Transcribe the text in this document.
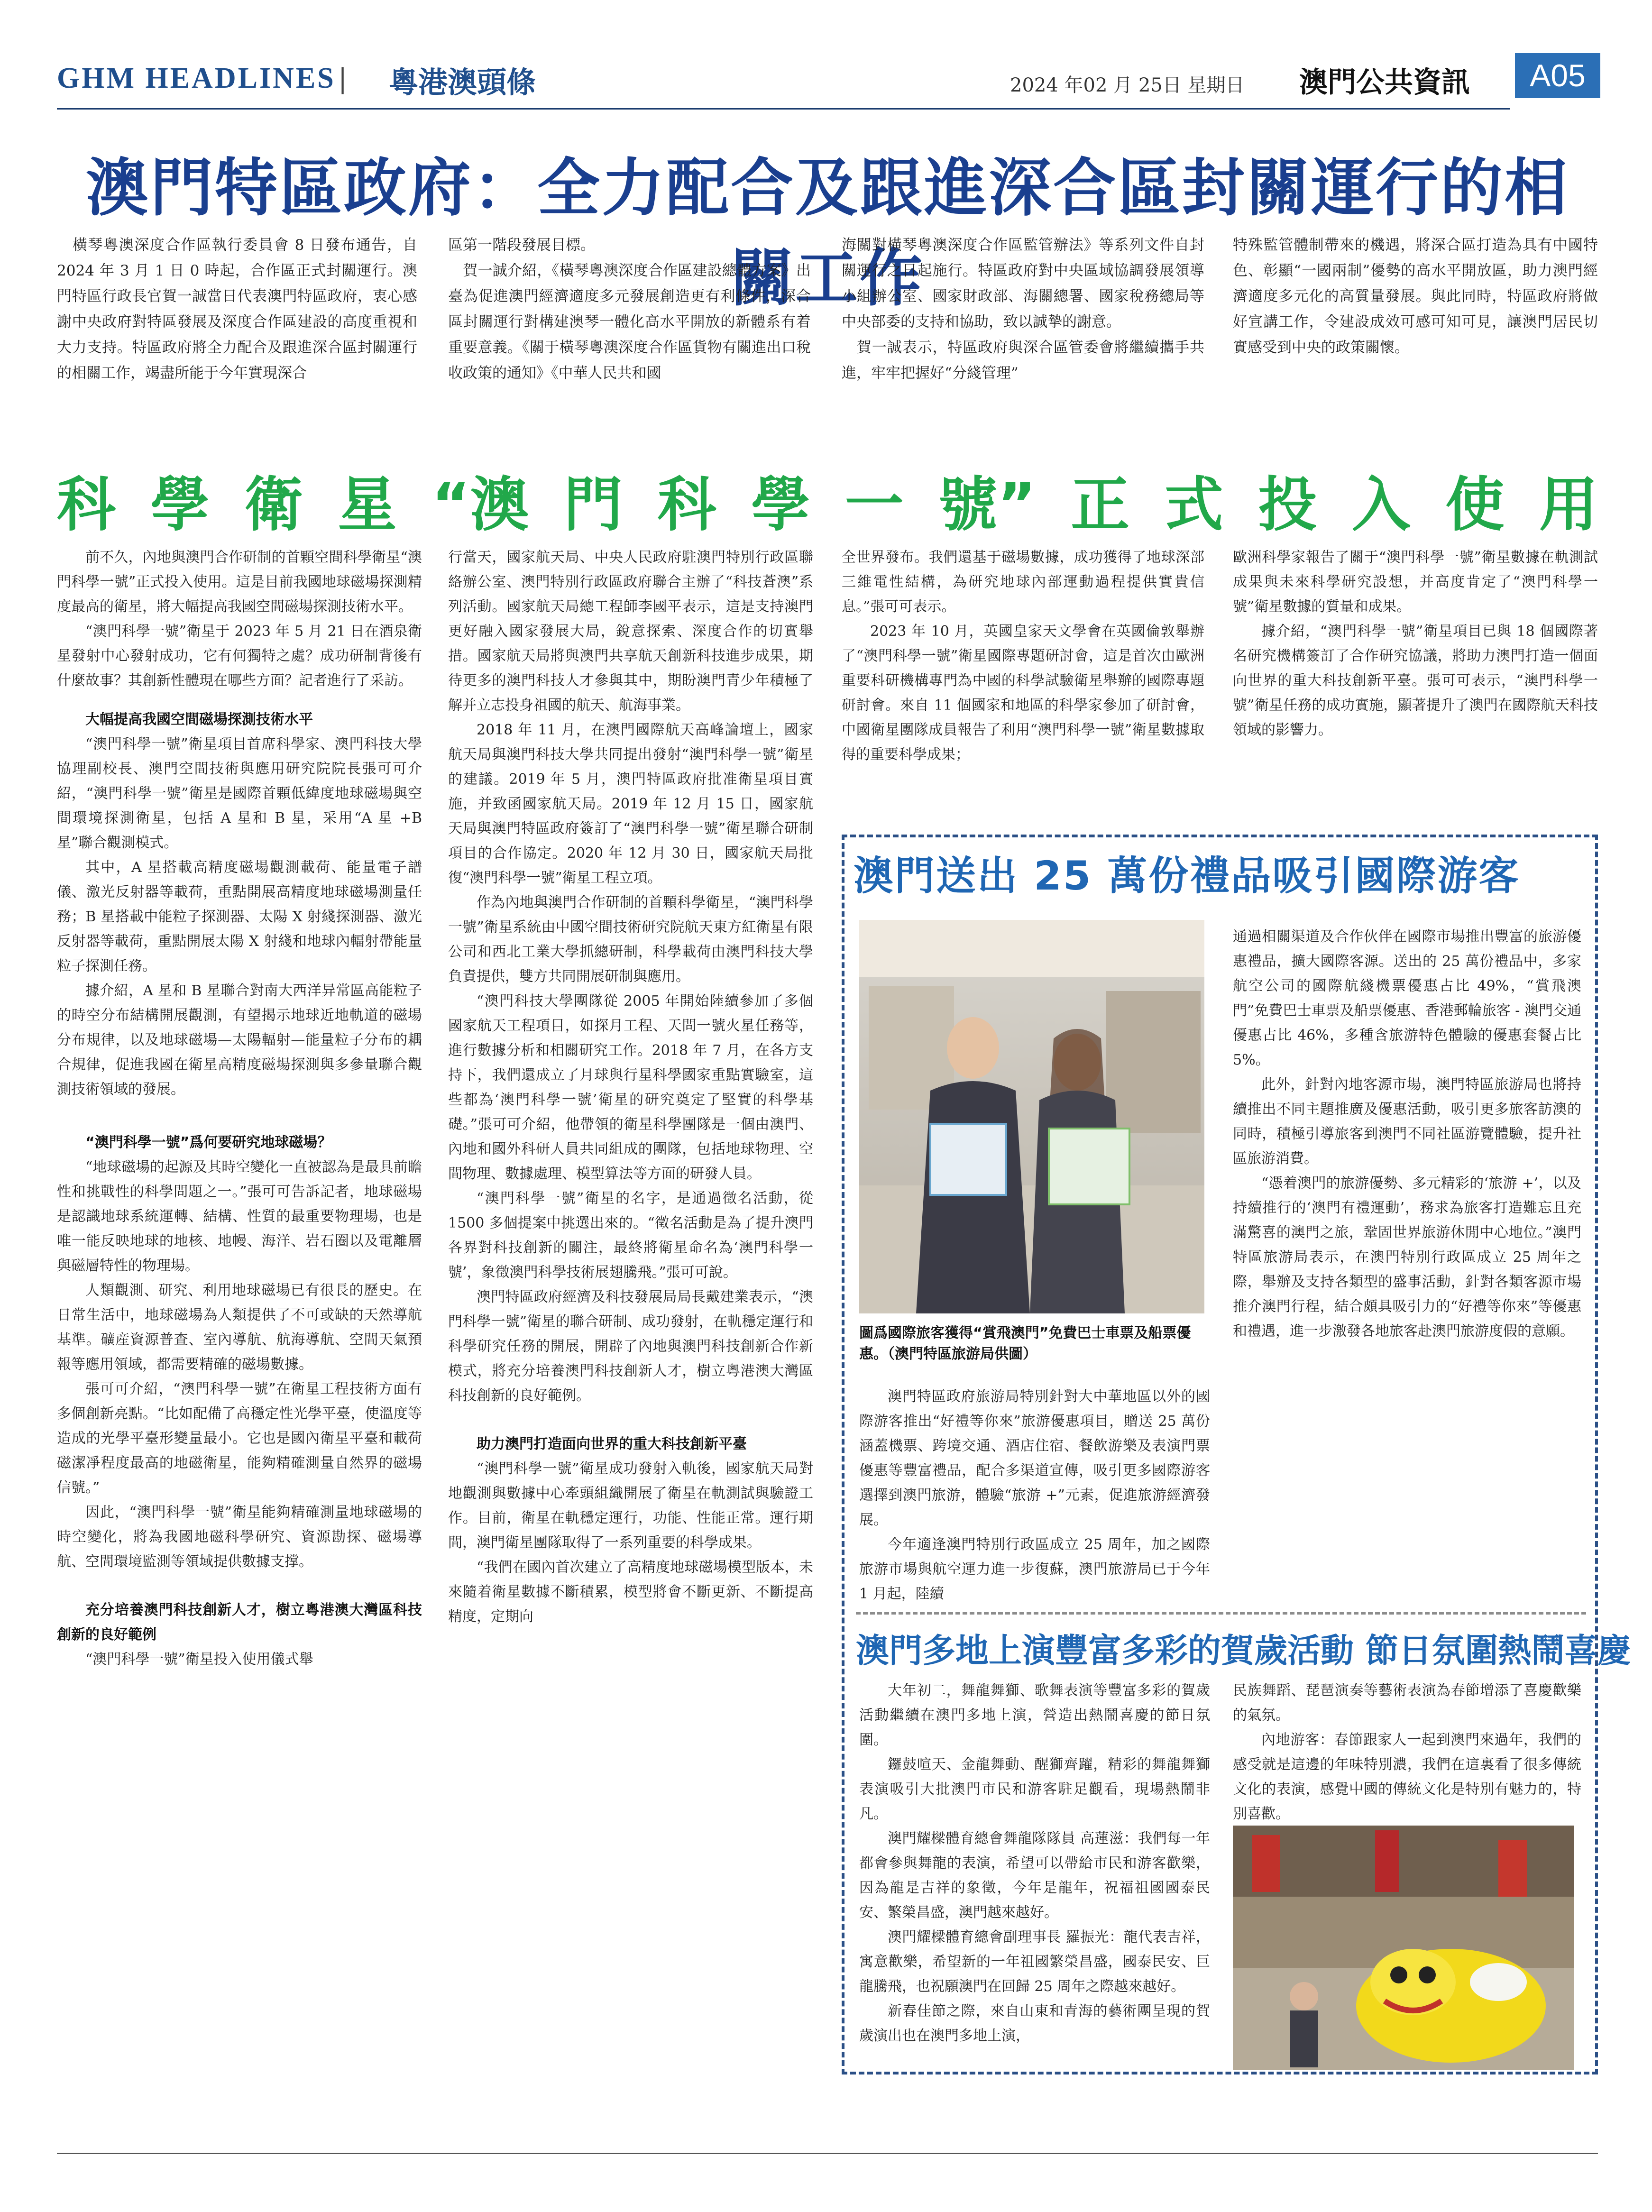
GHM HEADLINES | 粵港澳頭條	2024 年02 月 25日 星期日 澳門公共資訊	A05
澳門特區政府：全力配合及跟進深合區封關運行的相關工作

　橫琴粵澳深度合作區執行委員會 8 日發布通告，自 2024 年 3 月 1 日 0 時起，合作區正式封關運行。澳門特區行政長官賀一誠當日代表澳門特區政府，衷心感謝中央政府對特區發展及深度合作區建設的高度重視和大力支持。特區政府將全力配合及跟進深合區封關運行的相關工作，竭盡所能于今年實現深合

區第一階段發展目標。

　賀一誠介紹，《橫琴粵澳深度合作區建設總體方案》出臺為促進澳門經濟適度多元發展創造更有利條件，深合區封關運行對構建澳琴一體化高水平開放的新體系有着重要意義。《關于橫琴粵澳深度合作區貨物有關進出口稅收政策的通知》《中華人民共和國

海關對橫琴粵澳深度合作區監管辦法》等系列文件自封關運行之日起施行。特區政府對中央區域協調發展領導小組辦公室、國家財政部、海關總署、國家稅務總局等中央部委的支持和協助，致以誠摯的謝意。

　賀一誠表示，特區政府與深合區管委會將繼續攜手共進，牢牢把握好“分綫管理”

特殊監管體制帶來的機遇，將深合區打造為具有中國特色、彰顯“一國兩制”優勢的高水平開放區，助力澳門經濟適度多元化的高質量發展。與此同時，特區政府將做好宣講工作，令建設成效可感可知可見，讓澳門居民切實感受到中央的政策關懷。

科 學 衛 星 “澳 門 科 學 一 號” 正 式 投 入 使 用

前不久，內地與澳門合作研制的首顆空間科學衛星“澳門科學一號”正式投入使用。這是目前我國地球磁場探測精度最高的衛星，將大幅提高我國空間磁場探測技術水平。

“澳門科學一號”衛星于 2023 年 5 月 21 日在酒泉衛星發射中心發射成功，它有何獨特之處？成功研制背後有什麼故事？其創新性體現在哪些方面？記者進行了采訪。

大幅提高我國空間磁場探測技術水平

“澳門科學一號”衛星項目首席科學家、澳門科技大學協理副校長、澳門空間技術與應用研究院院長張可可介紹，“澳門科學一號”衛星是國際首顆低緯度地球磁場與空間環境探測衛星，包括 A 星和 B 星，采用“A 星 +B 星”聯合觀測模式。

其中，A 星搭載高精度磁場觀測載荷、能量電子譜儀、激光反射器等載荷，重點開展高精度地球磁場測量任務；B 星搭載中能粒子探測器、太陽 X 射綫探測器、激光反射器等載荷，重點開展太陽 X 射綫和地球內輻射帶能量粒子探測任務。

據介紹，A 星和 B 星聯合對南大西洋异常區高能粒子的時空分布結構開展觀測，有望揭示地球近地軌道的磁場分布規律，以及地球磁場—太陽輻射—能量粒子分布的耦合規律，促進我國在衛星高精度磁場探測與多參量聯合觀測技術領域的發展。

“澳門科學一號”爲何要研究地球磁場？

“地球磁場的起源及其時空變化一直被認為是最具前瞻性和挑戰性的科學問題之一。”張可可告訴記者，地球磁場是認識地球系統運轉、結構、性質的最重要物理場，也是唯一能反映地球的地核、地幔、海洋、岩石圈以及電離層與磁層特性的物理場。

人類觀測、研究、利用地球磁場已有很長的歷史。在日常生活中，地球磁場為人類提供了不可或缺的天然導航基準。礦産資源普查、室內導航、航海導航、空間天氣預報等應用領域，都需要精確的磁場數據。

張可可介紹，“澳門科學一號”在衛星工程技術方面有多個創新亮點。“比如配備了高穩定性光學平臺，使溫度等造成的光學平臺形變量最小。它也是國內衛星平臺和載荷磁潔凈程度最高的地磁衛星，能夠精確測量自然界的磁場信號。”

因此，“澳門科學一號”衛星能夠精確測量地球磁場的時空變化，將為我國地磁科學研究、資源勘探、磁場導航、空間環境監測等領域提供數據支撑。

充分培養澳門科技創新人才，樹立粵港澳大灣區科技創新的良好範例

“澳門科學一號”衛星投入使用儀式舉

行當天，國家航天局、中央人民政府駐澳門特別行政區聯絡辦公室、澳門特別行政區政府聯合主辦了“科技蒼澳”系列活動。國家航天局總工程師李國平表示，這是支持澳門更好融入國家發展大局，銳意探索、深度合作的切實舉措。國家航天局將與澳門共享航天創新科技進步成果，期待更多的澳門科技人才參與其中，期盼澳門青少年積極了解并立志投身祖國的航天、航海事業。

2018 年 11 月，在澳門國際航天高峰論壇上，國家航天局與澳門科技大學共同提出發射“澳門科學一號”衛星的建議。2019 年 5 月，澳門特區政府批准衛星項目實施，并致函國家航天局。2019 年 12 月 15 日，國家航天局與澳門特區政府簽訂了“澳門科學一號”衛星聯合研制項目的合作協定。2020 年 12 月 30 日，國家航天局批復“澳門科學一號”衛星工程立項。

作為內地與澳門合作研制的首顆科學衛星，“澳門科學一號”衛星系統由中國空間技術研究院航天東方紅衛星有限公司和西北工業大學抓總研制，科學載荷由澳門科技大學負責提供，雙方共同開展研制與應用。

“澳門科技大學團隊從 2005 年開始陸續參加了多個國家航天工程項目，如探月工程、天問一號火星任務等，進行數據分析和相關研究工作。2018 年 7 月，在各方支持下，我們還成立了月球與行星科學國家重點實驗室，這些都為‘澳門科學一號’衛星的研究奠定了堅實的科學基礎。”張可可介紹，他帶領的衛星科學團隊是一個由澳門、內地和國外科研人員共同組成的團隊，包括地球物理、空間物理、數據處理、模型算法等方面的研發人員。

“澳門科學一號”衛星的名字，是通過徵名活動，從 1500 多個提案中挑選出來的。“徵名活動是為了提升澳門各界對科技創新的關注，最終將衛星命名為‘澳門科學一號’，象徵澳門科學技術展翅騰飛。”張可可說。

澳門特區政府經濟及科技發展局局長戴建業表示，“澳門科學一號”衛星的聯合研制、成功發射，在軌穩定運行和科學研究任務的開展，開辟了內地與澳門科技創新合作新模式，將充分培養澳門科技創新人才，樹立粵港澳大灣區科技創新的良好範例。

助力澳門打造面向世界的重大科技創新平臺

“澳門科學一號”衛星成功發射入軌後，國家航天局對地觀測與數據中心牽頭組織開展了衛星在軌測試與驗證工作。目前，衛星在軌穩定運行，功能、性能正常。運行期間，澳門衛星團隊取得了一系列重要的科學成果。

“我們在國內首次建立了高精度地球磁場模型版本，未來隨着衛星數據不斷積累，模型將會不斷更新、不斷提高精度，定期向

全世界發布。我們還基于磁場數據，成功獲得了地球深部三維電性結構，為研究地球內部運動過程提供實貴信息。”張可可表示。

2023 年 10 月，英國皇家天文學會在英國倫敦舉辦了“澳門科學一號”衛星國際專題研討會，這是首次由歐洲重要科研機構專門為中國的科學試驗衛星舉辦的國際專題研討會。來自 11 個國家和地區的科學家參加了研討會，中國衛星團隊成員報告了利用“澳門科學一號”衛星數據取得的重要科學成果；

歐洲科學家報告了關于“澳門科學一號”衛星數據在軌測試成果與未來科學研究設想，并高度肯定了“澳門科學一號”衛星數據的質量和成果。

據介紹，“澳門科學一號”衛星項目已與 18 個國際著名研究機構簽訂了合作研究協議，將助力澳門打造一個面向世界的重大科技創新平臺。張可可表示，“澳門科學一號”衛星任務的成功實施，顯著提升了澳門在國際航天科技領域的影響力。

澳門送出 25 萬份禮品吸引國際游客
圖爲國際旅客獲得“賞飛澳門”免費巴士車票及船票優惠。（澳門特區旅游局供圖）

澳門特區政府旅游局特別針對大中華地區以外的國際游客推出“好禮等你來”旅游優惠項目，贈送 25 萬份涵蓋機票、跨境交通、酒店住宿、餐飲游樂及表演門票優惠等豐富禮品，配合多渠道宣傳，吸引更多國際游客選擇到澳門旅游，體驗“旅游 +”元素，促進旅游經濟發展。

今年適逢澳門特別行政區成立 25 周年，加之國際旅游市場與航空運力進一步復蘇，澳門旅游局已于今年 1 月起，陸續

通過相關渠道及合作伙伴在國際市場推出豐富的旅游優惠禮品，擴大國際客源。送出的 25 萬份禮品中，多家航空公司的國際航綫機票優惠占比 49%，“賞飛澳門”免費巴士車票及船票優惠、香港郵輪旅客 - 澳門交通優惠占比 46%，多種含旅游特色體驗的優惠套餐占比 5%。

此外，針對內地客源市場，澳門特區旅游局也將持續推出不同主題推廣及優惠活動，吸引更多旅客訪澳的同時，積極引導旅客到澳門不同社區游覽體驗，提升社區旅游消費。

“憑着澳門的旅游優勢、多元精彩的‘旅游 +’，以及持續推行的‘澳門有禮運動’，務求為旅客打造難忘且充滿驚喜的澳門之旅，鞏固世界旅游休閒中心地位。”澳門特區旅游局表示，在澳門特別行政區成立 25 周年之際，舉辦及支持各類型的盛事活動，針對各類客源市場推介澳門行程，結合頗具吸引力的“好禮等你來”等優惠和禮遇，進一步激發各地旅客赴澳門旅游度假的意願。

澳門多地上演豐富多彩的賀歲活動 節日氛圍熱鬧喜慶

大年初二，舞龍舞獅、歌舞表演等豐富多彩的賀歲活動繼續在澳門多地上演，營造出熱鬧喜慶的節日氛圍。

鑼鼓喧天、金龍舞動、醒獅齊躍，精彩的舞龍舞獅表演吸引大批澳門市民和游客駐足觀看，現場熱鬧非凡。

澳門耀樑體育總會舞龍隊隊員 高蓮滋：我們每一年都會參與舞龍的表演，希望可以帶給市民和游客歡樂，因為龍是吉祥的象徵，今年是龍年，祝福祖國國泰民安、繁榮昌盛，澳門越來越好。

澳門耀樑體育總會副理事長 羅振光：龍代表吉祥，寓意歡樂，希望新的一年祖國繁榮昌盛，國泰民安、巨龍騰飛，也祝願澳門在回歸 25 周年之際越來越好。

新春佳節之際，來自山東和青海的藝術團呈現的賀歲演出也在澳門多地上演，

民族舞蹈、琵琶演奏等藝術表演為春節增添了喜慶歡樂的氣氛。

內地游客：春節跟家人一起到澳門來過年，我們的感受就是這邊的年味特別濃，我們在這裏看了很多傳統文化的表演，感覺中國的傳統文化是特別有魅力的，特別喜歡。
